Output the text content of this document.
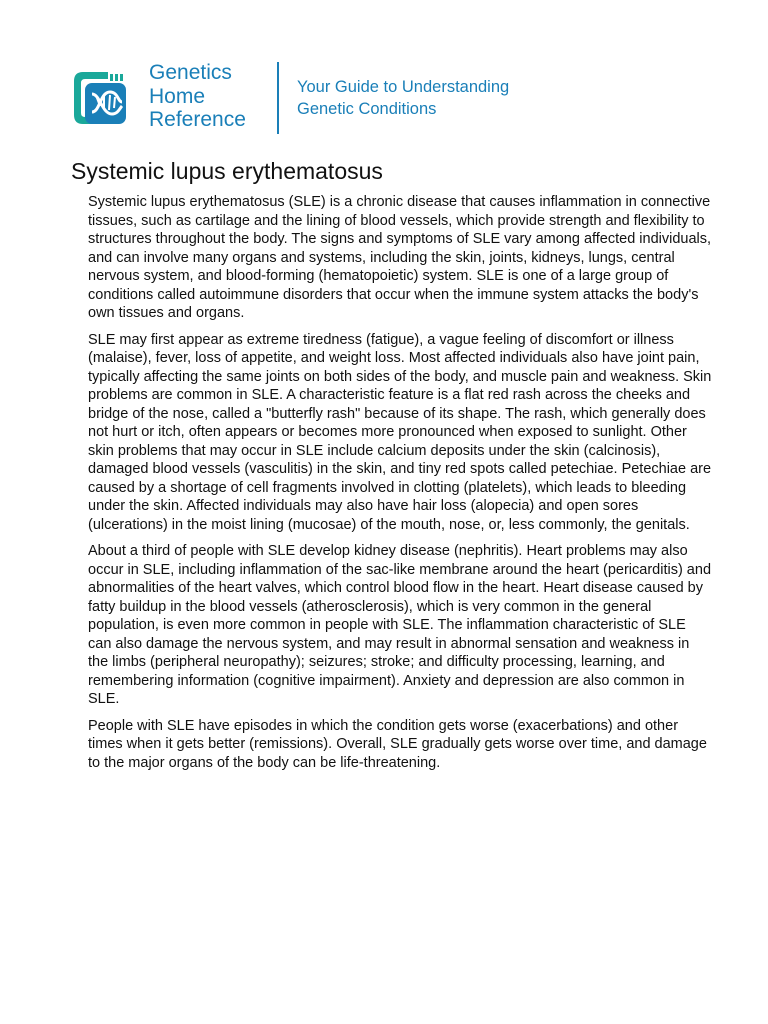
Genetics
Home
Reference
Your Guide to Understanding
Genetic Conditions
Systemic lupus erythematosus

Systemic lupus erythematosus (SLE) is a chronic disease that causes inflammation in connective tissues, such as cartilage and the lining of blood vessels, which provide strength and flexibility to structures throughout the body. The signs and symptoms of SLE vary among affected individuals, and can involve many organs and systems, including the skin, joints, kidneys, lungs, central nervous system, and blood-forming (hematopoietic) system. SLE is one of a large group of conditions called autoimmune disorders that occur when the immune system attacks the body's own tissues and organs.

SLE may first appear as extreme tiredness (fatigue), a vague feeling of discomfort or illness (malaise), fever, loss of appetite, and weight loss. Most affected individuals also have joint pain, typically affecting the same joints on both sides of the body, and muscle pain and weakness. Skin problems are common in SLE. A characteristic feature is a flat red rash across the cheeks and bridge of the nose, called a "butterfly rash" because of its shape. The rash, which generally does not hurt or itch, often appears or becomes more pronounced when exposed to sunlight. Other skin problems that may occur in SLE include calcium deposits under the skin (calcinosis), damaged blood vessels (vasculitis) in the skin, and tiny red spots called petechiae. Petechiae are caused by a shortage of cell fragments involved in clotting (platelets), which leads to bleeding under the skin. Affected individuals may also have hair loss (alopecia) and open sores (ulcerations) in the moist lining (mucosae) of the mouth, nose, or, less commonly, the genitals.

About a third of people with SLE develop kidney disease (nephritis). Heart problems may also occur in SLE, including inflammation of the sac-like membrane around the heart (pericarditis) and abnormalities of the heart valves, which control blood flow in the heart. Heart disease caused by fatty buildup in the blood vessels (atherosclerosis), which is very common in the general population, is even more common in people with SLE. The inflammation characteristic of SLE can also damage the nervous system, and may result in abnormal sensation and weakness in the limbs (peripheral neuropathy); seizures; stroke; and difficulty processing, learning, and remembering information (cognitive impairment). Anxiety and depression are also common in SLE.

People with SLE have episodes in which the condition gets worse (exacerbations) and other times when it gets better (remissions). Overall, SLE gradually gets worse over time, and damage to the major organs of the body can be life-threatening.
